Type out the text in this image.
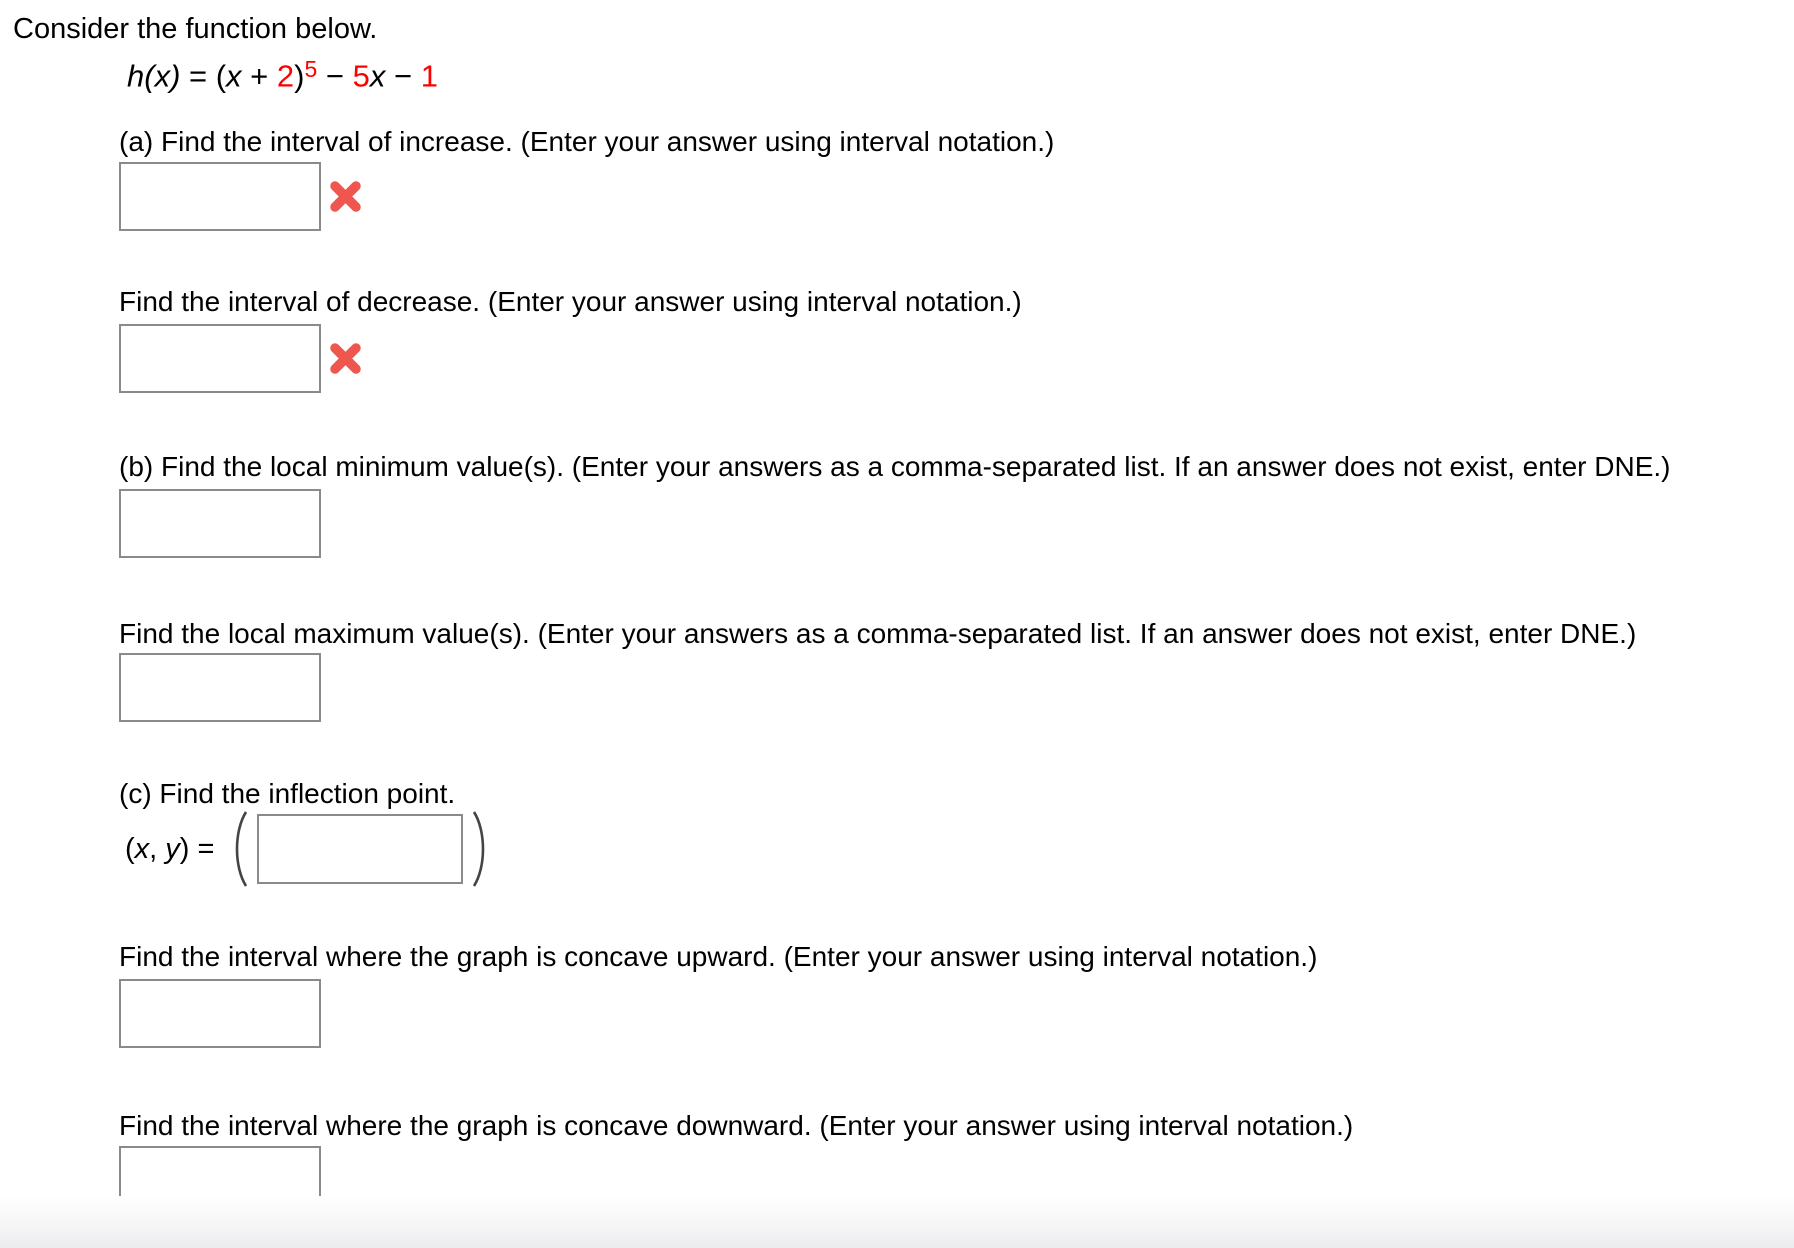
Consider the function below.
$h(x) = (x + 2)^5 - 5x - 1$
(a) Find the interval of increase. (Enter your answer using interval notation.)
Find the interval of decrease. (Enter your answer using interval notation.)
(b) Find the local minimum value(s). (Enter your answers as a comma-separated list. If an answer does not exist, enter DNE.)
Find the local maximum value(s). (Enter your answers as a comma-separated list. If an answer does not exist, enter DNE.)
(c) Find the inflection point.
(x, y) =
Find the interval where the graph is concave upward. (Enter your answer using interval notation.)
Find the interval where the graph is concave downward. (Enter your answer using interval notation.)
